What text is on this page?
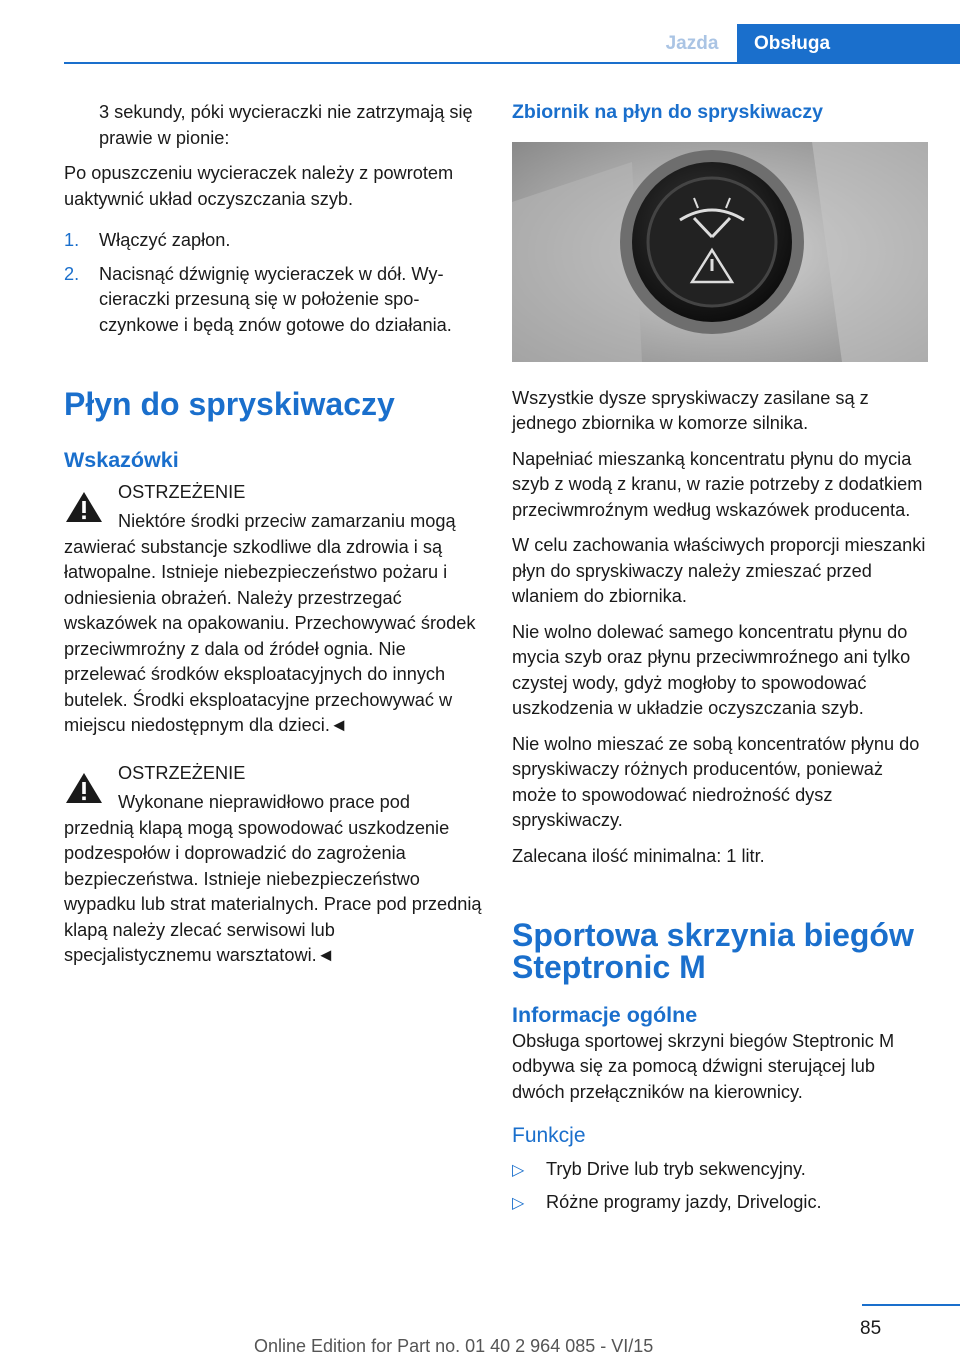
Jazda	Obsługa

3 sekundy, póki wycieraczki nie zatrzymają się prawie w pionie:

Po opuszczeniu wycieraczek należy z powrotem uaktywnić układ oczyszczania szyb.

1. Włączyć zapłon.
2. Nacisnąć dźwignię wycieraczek w dół. Wycieraczki przesuną się w położenie spoczynkowe i będą znów gotowe do działania.
Płyn do spryskiwaczy
Wskazówki
OSTRZEŻENIE

Niektóre środki przeciw zamarzaniu mogą zawierać substancje szkodliwe dla zdrowia i są łatwopalne. Istnieje niebezpieczeństwo pożaru i odniesienia obrażeń. Należy przestrzegać wskazówek na opakowaniu. Przechowywać środek przeciwmroźny z dala od źródeł ognia. Nie przelewać środków eksploatacyjnych do innych butelek. Środki eksploatacyjne przechowywać w miejscu niedostępnym dla dzieci.◄

OSTRZEŻENIE

Wykonane nieprawidłowo prace pod przednią klapą mogą spowodować uszkodzenie podzespołów i doprowadzić do zagrożenia bezpieczeństwa. Istnieje niebezpieczeństwo wypadku lub strat materialnych. Prace pod przednią klapą należy zlecać serwisowi lub specjalistycznemu warsztatowi.◄

Zbiornik na płyn do spryskiwaczy

Wszystkie dysze spryskiwaczy zasilane są z jednego zbiornika w komorze silnika.

Napełniać mieszanką koncentratu płynu do mycia szyb z wodą z kranu, w razie potrzeby z dodatkiem przeciwmroźnym według wskazówek producenta.

W celu zachowania właściwych proporcji mieszanki płyn do spryskiwaczy należy zmieszać przed wlaniem do zbiornika.

Nie wolno dolewać samego koncentratu płynu do mycia szyb oraz płynu przeciwmroźnego ani tylko czystej wody, gdyż mogłoby to spowodować uszkodzenia w układzie oczyszczania szyb.

Nie wolno mieszać ze sobą koncentratów płynu do spryskiwaczy różnych producentów, ponieważ może to spowodować niedrożność dysz spryskiwaczy.

Zalecana ilość minimalna: 1 litr.

Sportowa skrzynia biegów Steptronic M
Informacje ogólne

Obsługa sportowej skrzyni biegów Steptronic M odbywa się za pomocą dźwigni sterującej lub dwóch przełączników na kierownicy.

Funkcje
▷ Tryb Drive lub tryb sekwencyjny.
▷ Różne programy jazdy, Drivelogic.
85
Online Edition for Part no. 01 40 2 964 085 - VI/15
